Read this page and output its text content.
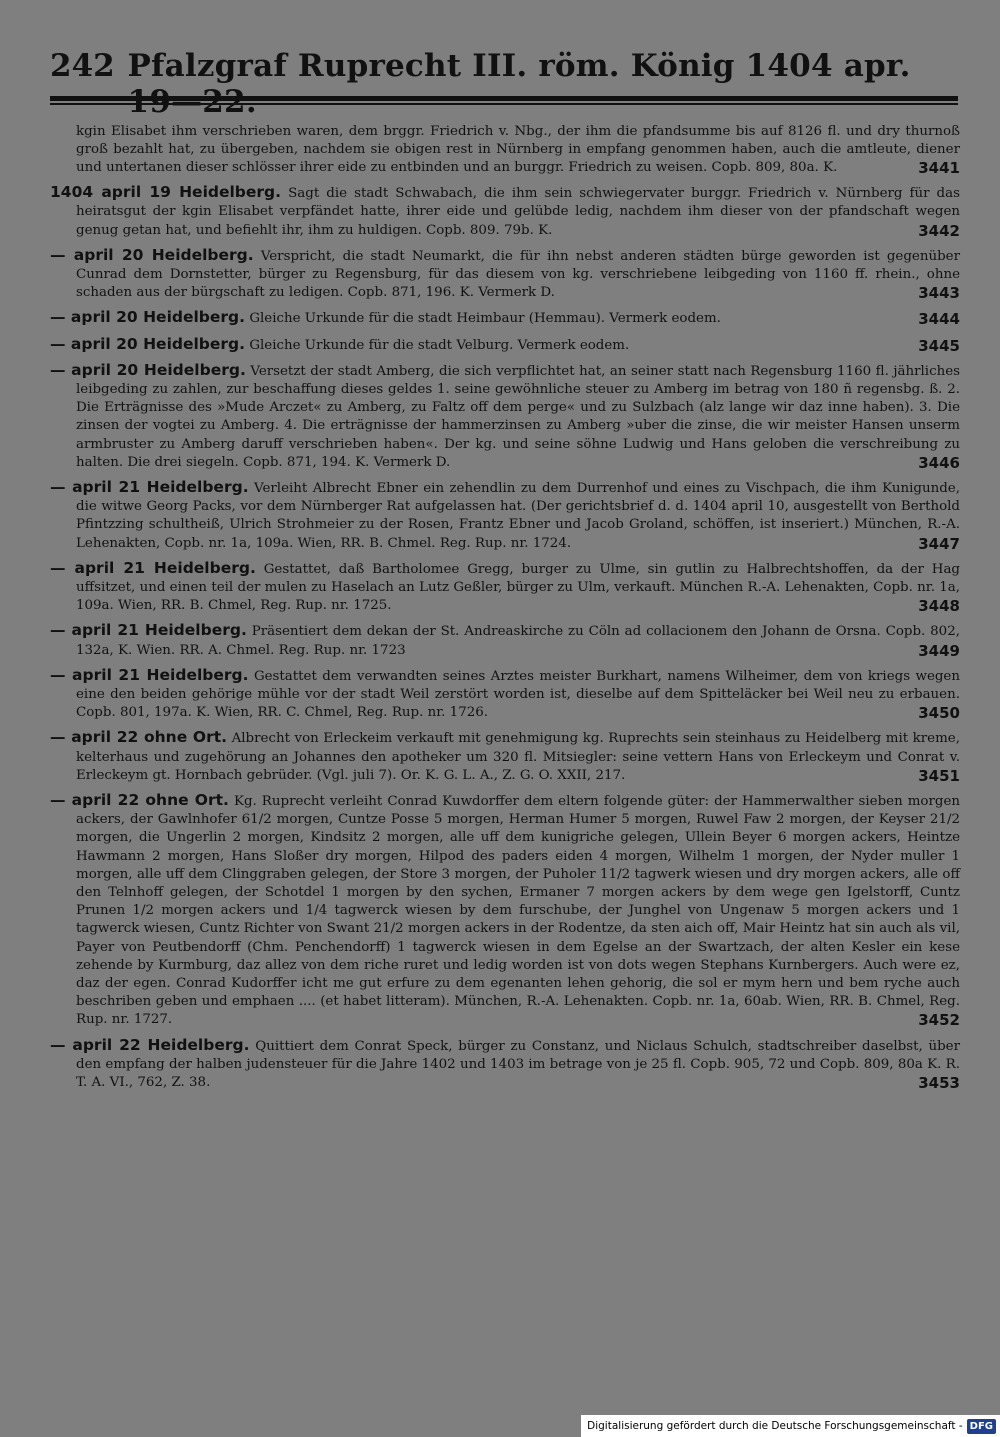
242 Pfalzgraf Ruprecht III. röm. König 1404 apr. 19—22.
kgin Elisabet ihm verschrieben waren, dem brggr. Friedrich v. Nbg., der ihm die pfandsumme bis auf 8126 fl. und dry thurnoß groß bezahlt hat, zu übergeben, nachdem sie obigen rest in Nürnberg in empfang genommen haben, auch die amtleute, diener und untertanen dieser schlösser ihrer eide zu entbinden und an burggr. Friedrich zu weisen. Copb. 809, 80a. K.	3441
1404 april 19 Heidelberg. Sagt die stadt Schwabach, die ihm sein schwiegervater burggr. Friedrich v. Nürnberg für das heiratsgut der kgin Elisabet verpfändet hatte, ihrer eide und gelübde ledig, nachdem ihm dieser von der pfandschaft wegen genug getan hat, und befiehlt ihr, ihm zu huldigen. Copb. 809. 79b. K.	3442
— april 20 Heidelberg. Verspricht, die stadt Neumarkt, die für ihn nebst anderen städten bürge geworden ist gegenüber Cunrad dem Dornstetter, bürger zu Regensburg, für das diesem von kg. verschriebene leibgeding von 1160 ff. rhein., ohne schaden aus der bürgschaft zu ledigen. Copb. 871, 196. K. Vermerk D.	3443
— april 20 Heidelberg. Gleiche Urkunde für die stadt Heimbaur (Hemmau). Vermerk eodem.	3444
— april 20 Heidelberg. Gleiche Urkunde für die stadt Velburg. Vermerk eodem.	3445
— april 20 Heidelberg. Versetzt der stadt Amberg, die sich verpflichtet hat, an seiner statt nach Regensburg 1160 fl. jährliches leibgeding zu zahlen, zur beschaffung dieses geldes 1. seine gewöhnliche steuer zu Amberg im betrag von 180 ñ regensbg. ß. 2. Die Erträgnisse des »Mude Arczet« zu Amberg, zu Faltz off dem perge« und zu Sulzbach (alz lange wir daz inne haben). 3. Die zinsen der vogtei zu Amberg. 4. Die erträgnisse der hammerzinsen zu Amberg »uber die zinse, die wir meister Hansen unserm armbruster zu Amberg daruff verschrieben haben«. Der kg. und seine söhne Ludwig und Hans geloben die verschreibung zu halten. Die drei siegeln. Copb. 871, 194. K. Vermerk D.	3446
— april 21 Heidelberg. Verleiht Albrecht Ebner ein zehendlin zu dem Durrenhof und eines zu Vischpach, die ihm Kunigunde, die witwe Georg Packs, vor dem Nürnberger Rat aufgelassen hat. (Der gerichtsbrief d. d. 1404 april 10, ausgestellt von Berthold Pfintzzing schultheiß, Ulrich Strohmeier zu der Rosen, Frantz Ebner und Jacob Groland, schöffen, ist inseriert.) München, R.-A. Lehenakten, Copb. nr. 1a, 109a. Wien, RR. B. Chmel. Reg. Rup. nr. 1724.	3447
— april 21 Heidelberg. Gestattet, daß Bartholomee Gregg, burger zu Ulme, sin gutlin zu Halbrechtshoffen, da der Hag uffsitzet, und einen teil der mulen zu Haselach an Lutz Geßler, bürger zu Ulm, verkauft. München R.-A. Lehenakten, Copb. nr. 1a, 109a. Wien, RR. B. Chmel, Reg. Rup. nr. 1725.	3448
— april 21 Heidelberg. Präsentiert dem dekan der St. Andreaskirche zu Cöln ad collacionem den Johann de Orsna. Copb. 802, 132a, K. Wien. RR. A. Chmel. Reg. Rup. nr. 1723	3449
— april 21 Heidelberg. Gestattet dem verwandten seines Arztes meister Burkhart, namens Wilheimer, dem von kriegs wegen eine den beiden gehörige mühle vor der stadt Weil zerstört worden ist, dieselbe auf dem Spitteläcker bei Weil neu zu erbauen. Copb. 801, 197a. K. Wien, RR. C. Chmel, Reg. Rup. nr. 1726.	3450
— april 22 ohne Ort. Albrecht von Erleckeim verkauft mit genehmigung kg. Ruprechts sein steinhaus zu Heidelberg mit kreme, kelterhaus und zugehörung an Johannes den apotheker um 320 fl. Mitsiegler: seine vettern Hans von Erleckeym und Conrat v. Erleckeym gt. Hornbach gebrüder. (Vgl. juli 7). Or. K. G. L. A., Z. G. O. XXII, 217.	3451
— april 22 ohne Ort. Kg. Ruprecht verleiht Conrad Kuwdorffer dem eltern folgende güter: der Hammerwalther sieben morgen ackers, der Gawlnhofer 61/2 morgen, Cuntze Posse 5 morgen, Herman Humer 5 morgen, Ruwel Faw 2 morgen, der Keyser 21/2 morgen, die Ungerlin 2 morgen, Kindsitz 2 morgen, alle uff dem kunigriche gelegen, Ullein Beyer 6 morgen ackers, Heintze Hawmann 2 morgen, Hans Sloßer dry morgen, Hilpod des paders eiden 4 morgen, Wilhelm 1 morgen, der Nyder muller 1 morgen, alle uff dem Clinggraben gelegen, der Store 3 morgen, der Puholer 11/2 tagwerk wiesen und dry morgen ackers, alle off den Telnhoff gelegen, der Schotdel 1 morgen by den sychen, Ermaner 7 morgen ackers by dem wege gen Igelstorff, Cuntz Prunen 1/2 morgen ackers und 1/4 tagwerck wiesen by dem furschube, der Junghel von Ungenaw 5 morgen ackers und 1 tagwerck wiesen, Cuntz Richter von Swant 21/2 morgen ackers in der Rodentze, da sten aich off, Mair Heintz hat sin auch als vil, Payer von Peutbendorff (Chm. Penchendorff) 1 tagwerck wiesen in dem Egelse an der Swartzach, der alten Kesler ein kese zehende by Kurmburg, daz allez von dem riche ruret und ledig worden ist von dots wegen Stephans Kurnbergers. Auch were ez, daz der egen. Conrad Kudorffer icht me gut erfure zu dem egenanten lehen gehorig, die sol er mym hern und bem ryche auch beschriben geben und emphaen .... (et habet litteram). München, R.-A. Lehenakten. Copb. nr. 1a, 60ab. Wien, RR. B. Chmel, Reg. Rup. nr. 1727.	3452
— april 22 Heidelberg. Quittiert dem Conrat Speck, bürger zu Constanz, und Niclaus Schulch, stadtschreiber daselbst, über den empfang der halben judensteuer für die Jahre 1402 und 1403 im betrage von je 25 fl. Copb. 905, 72 und Copb. 809, 80a K. R. T. A. VI., 762, Z. 38.	3453
Digitalisierung gefördert durch die Deutsche Forschungsgemeinschaft - DFG
